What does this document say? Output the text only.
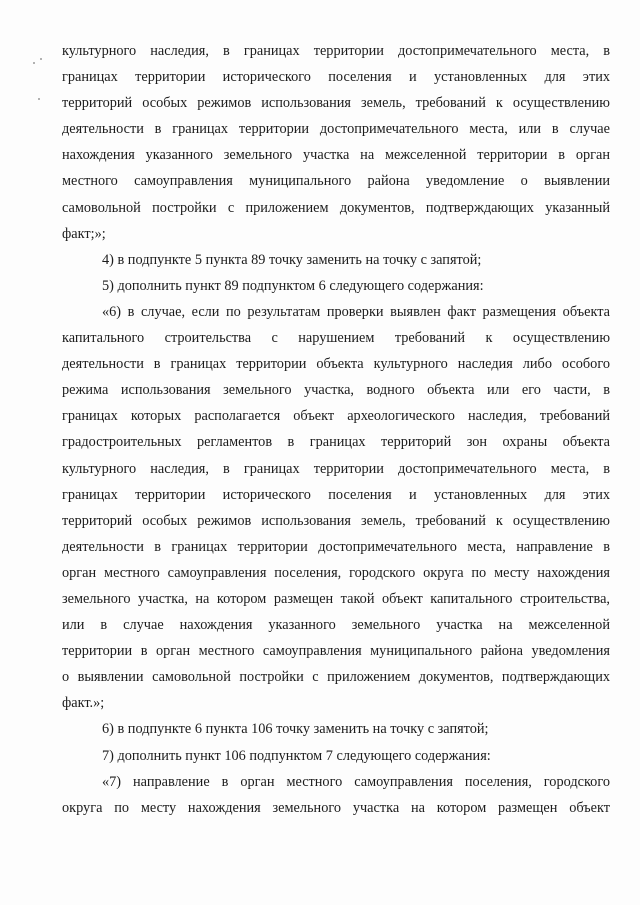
культурного наследия, в границах территории достопримечательного места, в

границах территории исторического поселения и установленных для этих

территорий особых режимов использования земель, требований к осуществлению

деятельности в границах территории достопримечательного места, или в случае

нахождения указанного земельного участка на межселенной территории в орган

местного самоуправления муниципального района уведомление о выявлении

самовольной постройки с приложением документов, подтверждающих указанный

факт;»;

4) в подпункте 5 пункта 89 точку заменить на точку с запятой;

5) дополнить пункт 89 подпунктом 6 следующего содержания:

«6) в случае, если по результатам проверки выявлен факт размещения объекта

капитального строительства с нарушением требований к осуществлению

деятельности в границах территории объекта культурного наследия либо особого

режима использования земельного участка, водного объекта или его части, в

границах которых располагается объект археологического наследия, требований

градостроительных регламентов в границах территорий зон охраны объекта

культурного наследия, в границах территории достопримечательного места, в

границах территории исторического поселения и установленных для этих

территорий особых режимов использования земель, требований к осуществлению

деятельности в границах территории достопримечательного места, направление в

орган местного самоуправления поселения, городского округа по месту нахождения

земельного участка, на котором размещен такой объект капитального строительства,

или в случае нахождения указанного земельного участка на межселенной

территории в орган местного самоуправления муниципального района уведомления

о выявлении самовольной постройки с приложением документов, подтверждающих

факт.»;

6) в подпункте 6 пункта 106 точку заменить на точку с запятой;

7) дополнить пункт 106 подпунктом 7 следующего содержания:

«7) направление в орган местного самоуправления поселения, городского

округа по месту нахождения земельного участка на котором размещен объект
